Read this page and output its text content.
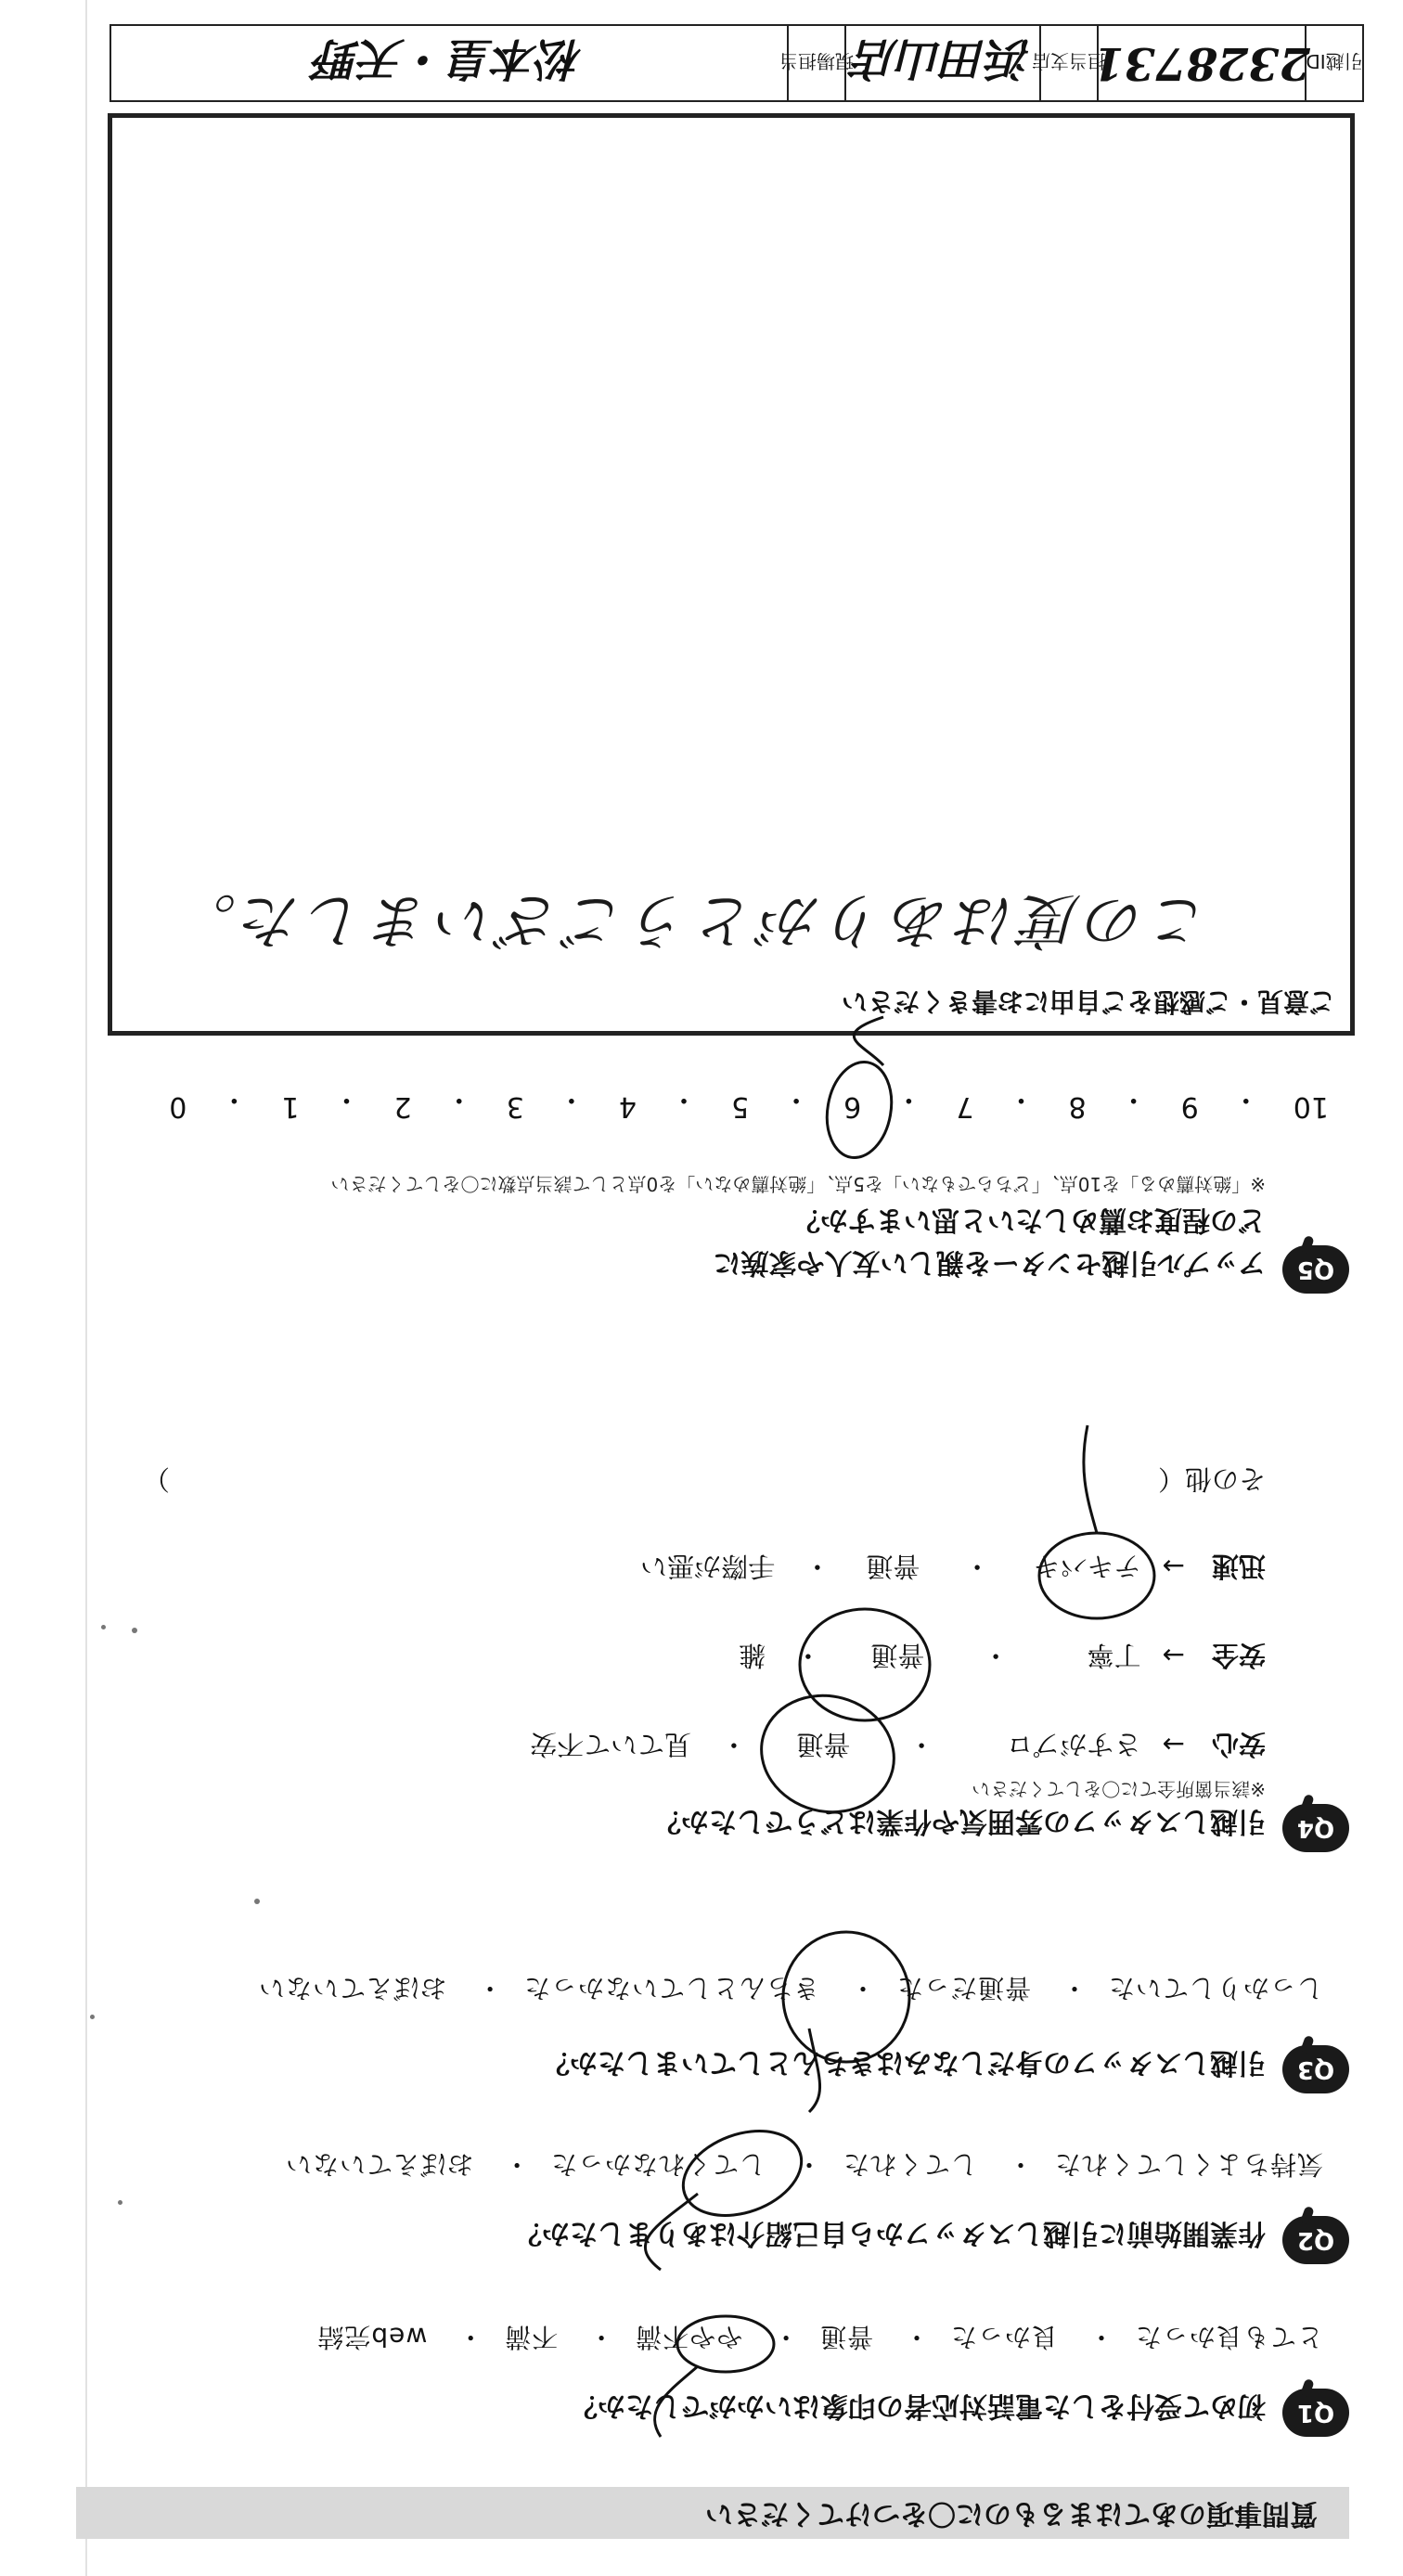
質問事項のあてはまるものに〇をつけてください
Q1
初めて受付をした電話対応者の印象はいかがでしたか？
とても良かった・ 良かった・ 普通・ やや不満・ 不満・ web完結
Q2
作業開始前に引越しスタッフから自己紹介はありましたか？
気持ちよくしてくれた・ してくれた・ してくれなかった・ おぼえていない
Q3
引越しスタッフの身だしなみはきちんとしていましたか？
しっかりしていた・ 普通だった・ きちんとしていなかった・ おぼえていない
Q4
引越しスタッフの雰囲気や作業はどうでしたか？
※該当箇所全てに〇をしてください
安心 → さすがプロ・ 普通・ 見ていて不安
安全 → 丁寧・ 普通・ 雑
迅速 → テキパキ・ 普通・ 手際が悪い
その他（
）
Q5
アップル引越センターを親しい友人や家族に
どの程度お薦めしたいと思いますか？
※「絶対薦める」を10点、「どちらでもない」を5点、「絶対薦めない」を0点として該当点数に〇をしてください
10
・
9
・
8
・
7
・
6
・
5
・
4
・
3
・
2
・
1
・
0
ご意見・ご感想をご自由にお書きください
この度はありがとうございました。
引越ID
2328731
担当支店
浜田山店
現場担当
松本皇・天野
